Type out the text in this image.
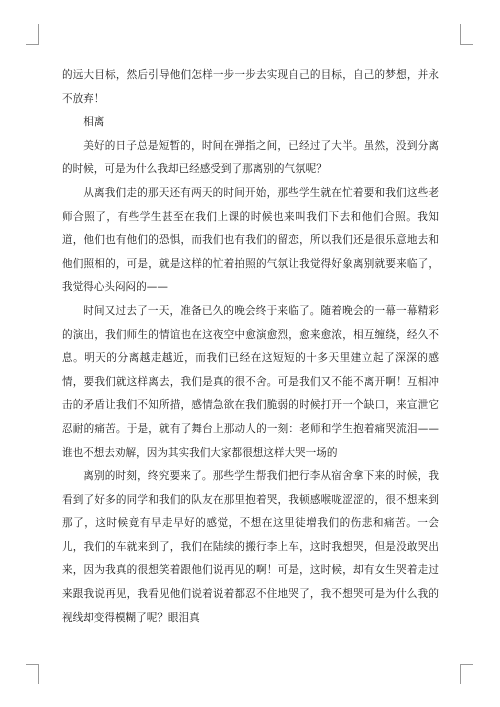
的远大目标，然后引导他们怎样一步一步去实现自己的目标，自己的梦想，并永不放弃！

相离

美好的日子总是短暂的，时间在弹指之间，已经过了大半。虽然，没到分离的时候，可是为什么我却已经感受到了那离别的气氛呢？

从离我们走的那天还有两天的时间开始，那些学生就在忙着要和我们这些老师合照了，有些学生甚至在我们上课的时候也来叫我们下去和他们合照。我知道，他们也有他们的恐惧，而我们也有我们的留恋，所以我们还是很乐意地去和他们照相的，可是，就是这样的忙着拍照的气氛让我觉得好象离别就要来临了，我觉得心头闷闷的——

时间又过去了一天，准备已久的晚会终于来临了。随着晚会的一幕一幕精彩的演出，我们师生的情谊也在这夜空中愈演愈烈，愈来愈浓，相互缠绕，经久不息。明天的分离越走越近，而我们已经在这短短的十多天里建立起了深深的感情，要我们就这样离去，我们是真的很不舍。可是我们又不能不离开啊！互相冲击的矛盾让我们不知所措，感情急欲在我们脆弱的时候打开一个缺口，来宣泄它忍耐的痛苦。于是，就有了舞台上那动人的一刻：老师和学生抱着痛哭流泪——谁也不想去劝解，因为其实我们大家都很想这样大哭一场的

离别的时刻，终究要来了。那些学生帮我们把行李从宿舍拿下来的时候，我看到了好多的同学和我们的队友在那里抱着哭，我顿感喉咙涩涩的，很不想来到那了，这时候竟有早走早好的感觉，不想在这里徒增我们的伤悲和痛苦。一会儿，我们的车就来到了，我们在陆续的搬行李上车，这时我想哭，但是没敢哭出来，因为我真的很想笑着跟他们说再见的啊！可是，这时候，却有女生哭着走过来跟我说再见，我看见他们说着说着都忍不住地哭了，我不想哭可是为什么我的视线却变得模糊了呢？眼泪真
